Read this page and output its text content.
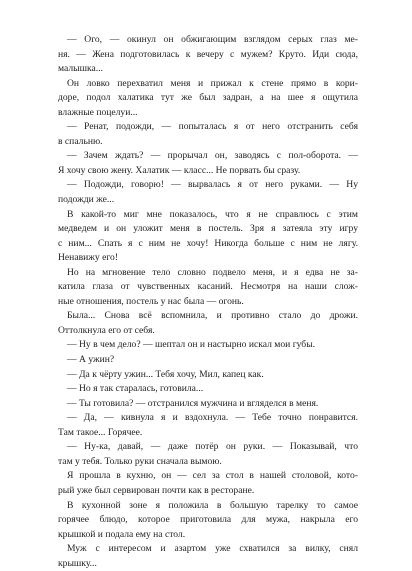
— Ого, — окинул он обжигающим взглядом серых глаз ме-
ня. — Жена подготовилась к вечеру с мужем? Круто. Иди сюда,
малышка...

Он ловко перехватил меня и прижал к стене прямо в кори-
доре, подол халатика тут же был задран, а на шее я ощутила
влажные поцелуи...

— Ренат, подожди, — попыталась я от него отстранить себя
в спальню.

— Зачем ждать? — прорычал он, заводясь с пол-оборота. —
Я хочу свою жену. Халатик — класс... Не порвать бы сразу.

— Подожди, говорю! — вырвалась я от него руками. — Ну
подожди же...

В какой-то миг мне показалось, что я не справлюсь с этим
медведем и он уложит меня в постель. Зря я затеяла эту игру
с ним... Спать я с ним не хочу! Никогда больше с ним не лягу.
Ненавижу его!

Но на мгновение тело словно подвело меня, и я едва не за-
катила глаза от чувственных касаний. Несмотря на наши слож-
ные отношения, постель у нас была — огонь.

Была... Снова всё вспомнила, и противно стало до дрожи.
Оттолкнула его от себя.

— Ну в чем дело? — шептал он и настырно искал мои губы.

— А ужин?

— Да к чёрту ужин... Тебя хочу, Мил, капец как.

— Но я так старалась, готовила...

— Ты готовила? — отстранился мужчина и вгляделся в меня.

— Да, — кивнула я и вздохнула. — Тебе точно понравится.
Там такое... Горячее.

— Ну-ка, давай, — даже потёр он руки. — Показывай, что
там у тебя. Только руки сначала вымою.

Я прошла в кухню, он — сел за стол в нашей столовой, кото-
рый уже был сервирован почти как в ресторане.

В кухонной зоне я положила в большую тарелку то самое
горячее блюдо, которое приготовила для мужа, накрыла его
крышкой и подала ему на стол.

Муж с интересом и азартом уже схватился за вилку, снял
крышку...
